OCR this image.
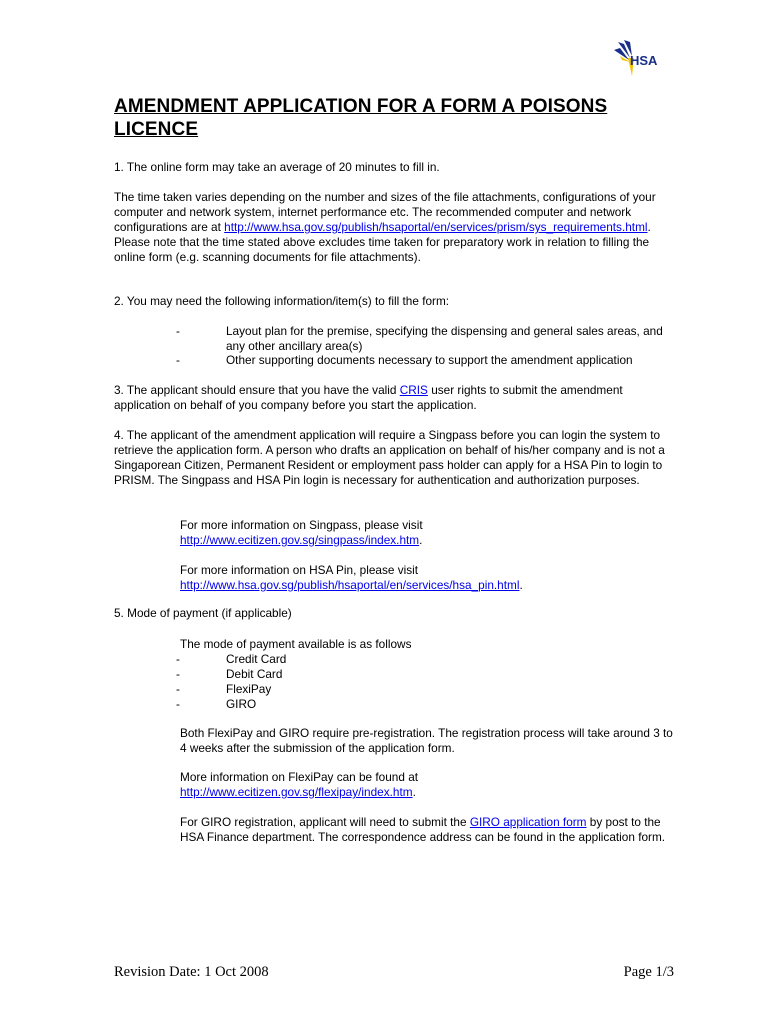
HSA
AMENDMENT APPLICATION FOR A FORM A POISONS LICENCE

1. The online form may take an average of 20 minutes to fill in.

The time taken varies depending on the number and sizes of the file attachments, configurations of your computer and network system, internet performance etc. The recommended computer and network configurations are at http://www.hsa.gov.sg/publish/hsaportal/en/services/prism/sys_requirements.html. Please note that the time stated above excludes time taken for preparatory work in relation to filling the online form (e.g. scanning documents for file attachments).

2. You may need the following information/item(s) to fill the form:

-	Layout plan for the premise, specifying the dispensing and general sales areas, and any other ancillary area(s)
-	Other supporting documents necessary to support the amendment application

3. The applicant should ensure that you have the valid CRIS user rights to submit the amendment application on behalf of you company before you start the application.

4. The applicant of the amendment application will require a Singpass before you can login the system to retrieve the application form. A person who drafts an application on behalf of his/her company and is not a Singaporean Citizen, Permanent Resident or employment pass holder can apply for a HSA Pin to login to PRISM. The Singpass and HSA Pin login is necessary for authentication and authorization purposes.

For more information on Singpass, please visit
http://www.ecitizen.gov.sg/singpass/index.htm.

For more information on HSA Pin, please visit
http://www.hsa.gov.sg/publish/hsaportal/en/services/hsa_pin.html.

5. Mode of payment (if applicable)

The mode of payment available is as follows

-	Credit Card
-	Debit Card
-	FlexiPay
-	GIRO

Both FlexiPay and GIRO require pre-registration. The registration process will take around 3 to 4 weeks after the submission of the application form.

More information on FlexiPay can be found at
http://www.ecitizen.gov.sg/flexipay/index.htm.

For GIRO registration, applicant will need to submit the GIRO application form by post to the HSA Finance department. The correspondence address can be found in the application form.

Revision Date: 1 Oct 2008	Page 1/3
